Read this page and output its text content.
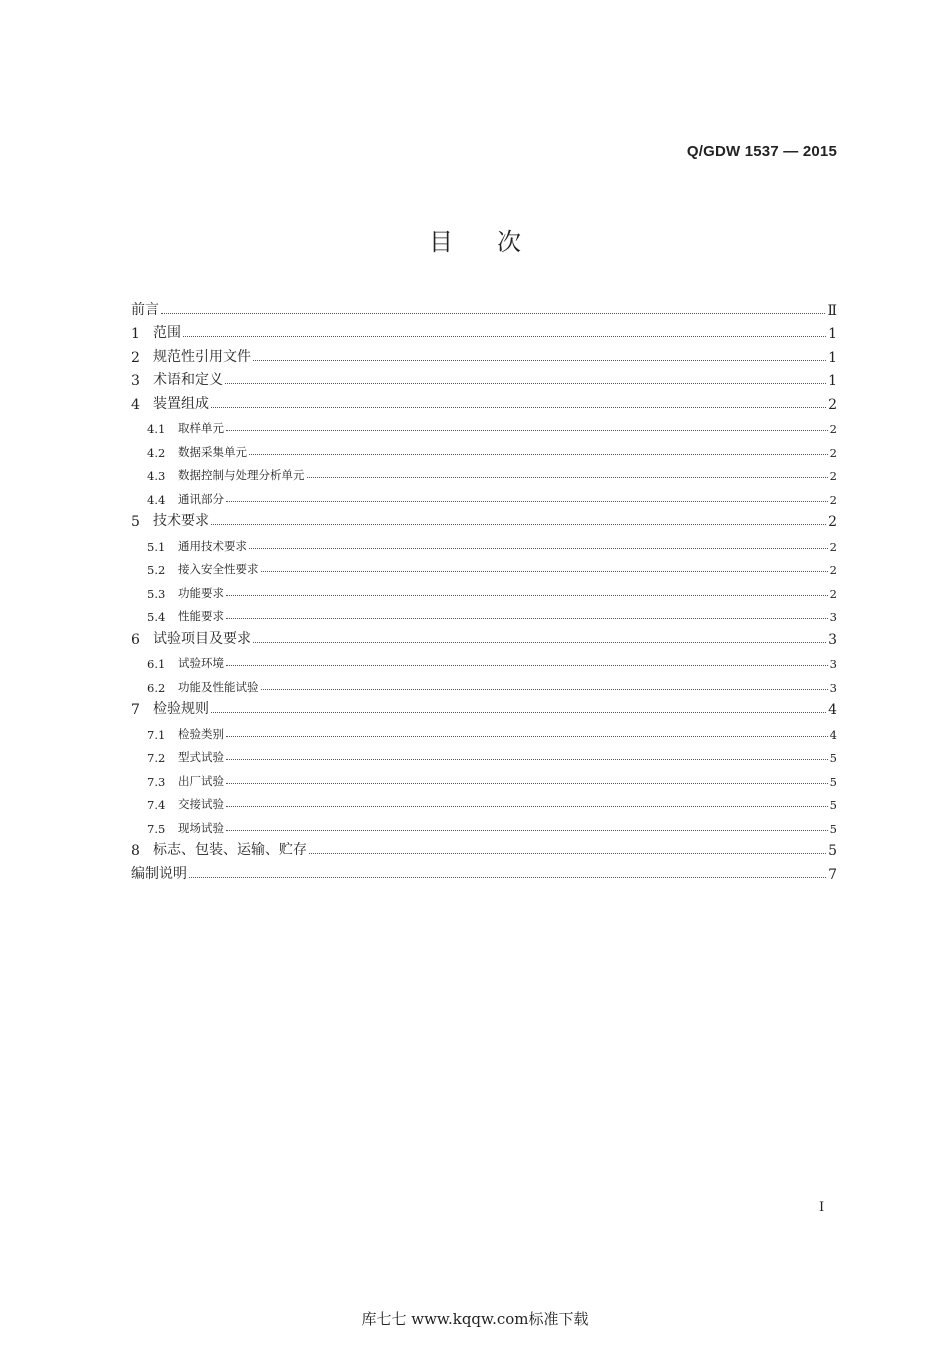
Q/GDW 1537 — 2015
目次
前言	Ⅱ
1 范围	1
2 规范性引用文件	1
3 术语和定义	1
4 装置组成	2
4.1	取样单元	2
4.2	数据采集单元	2
4.3	数据控制与处理分析单元	2
4.4	通讯部分	2
5 技术要求	2
5.1	通用技术要求	2
5.2	接入安全性要求	2
5.3	功能要求	2
5.4	性能要求	3
6 试验项目及要求	3
6.1	试验环境	3
6.2	功能及性能试验	3
7 检验规则	4
7.1	检验类别	4
7.2	型式试验	5
7.3	出厂试验	5
7.4	交接试验	5
7.5	现场试验	5
8 标志、包装、运输、贮存	5
编制说明	7
I
库七七 www.kqqw.com标准下载
